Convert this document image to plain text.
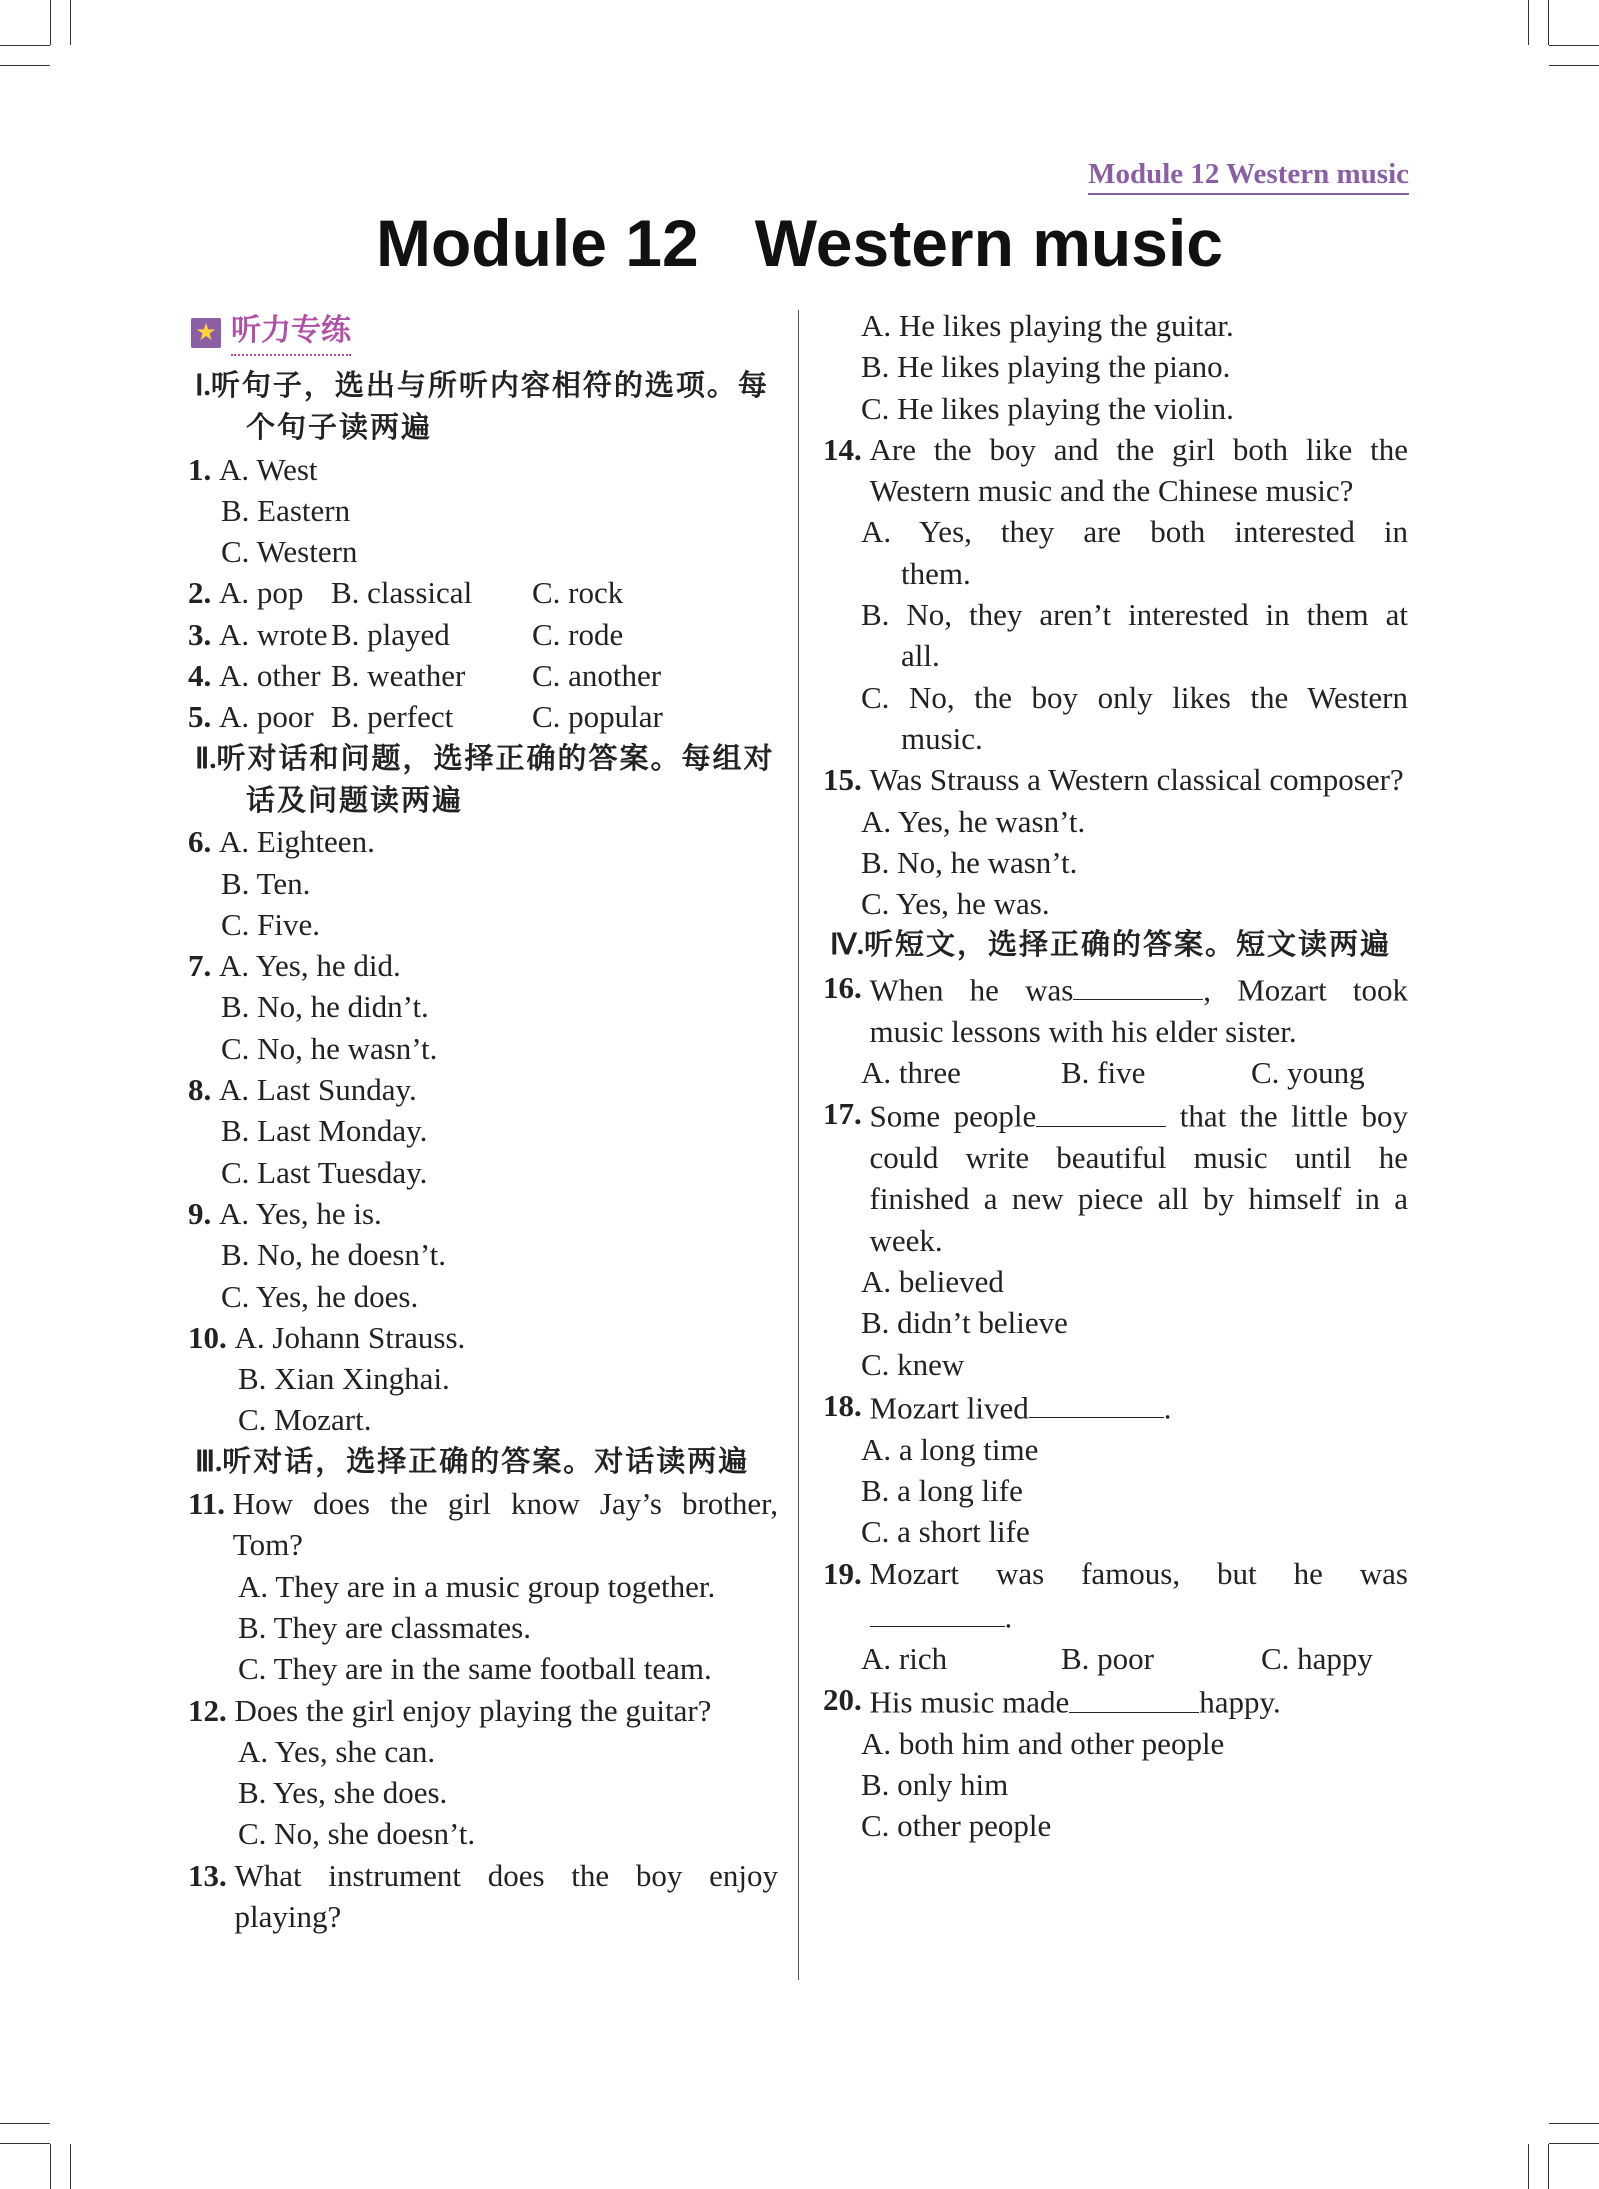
Module 12 Western music
Module 12 Western music
★ 听力专练
Ⅰ.听句子，选出与所听内容相符的选项。每个句子读两遍
1 . A. West
B. Eastern
C. Western
2. A. pop B. classical	C. rock
3. A. wrote B. played	C. rode
4. A. other B. weather	C. another
5. A. poor B. perfect	C. popular
Ⅱ.听对话和问题，选择正确的答案。每组对话及问题读两遍
6 . A. Eighteen.
B. Ten.
C. Five.
7 . A. Yes, he did.
B. No, he didn’t.
C. No, he wasn’t.
8 . A. Last Sunday.
B. Last Monday.
C. Last Tuesday.
9 . A. Yes, he is.
B. No, he doesn’t.
C. Yes, he does.
10 . A. Johann Strauss.
B. Xian Xinghai.
C. Mozart.
Ⅲ.听对话，选择正确的答案。对话读两遍
11 . How does the girl know Jay’s brother, Tom?
A. They are in a music group together.
B. They are classmates.
C. They are in the same football team.
12 . Does the girl enjoy playing the guitar?
A. Yes, she can.
B. Yes, she does.
C. No, she doesn’t.
13 . What instrument does the boy enjoy playing?
A. He likes playing the guitar.
B. He likes playing the piano.
C. He likes playing the violin.
14 . Are the boy and the girl both like the Western music and the Chinese music?
A. Yes, they are both interested in
them.
B. No, they aren’t interested in them at
all.
C. No, the boy only likes the Western
music.
15 . Was Strauss a Western classical composer?
A. Yes, he wasn’t.
B. No, he wasn’t.
C. Yes, he was.
Ⅳ.听短文，选择正确的答案。短文读两遍
16 . When he was	, Mozart took music lessons with his elder sister.
A. three	B. five	C. young
17 . Some people	that the little boy could write beautiful music until he finished a new piece all by himself in a week.
A. believed
B. didn’t believe
C. knew
18 . Mozart lived	.
A. a long time
B. a long life
C. a short life
19 . Mozart was famous, but he was
.
A. rich	B. poor	C. happy
20 . His music made	happy.
A. both him and other people
B. only him
C. other people
